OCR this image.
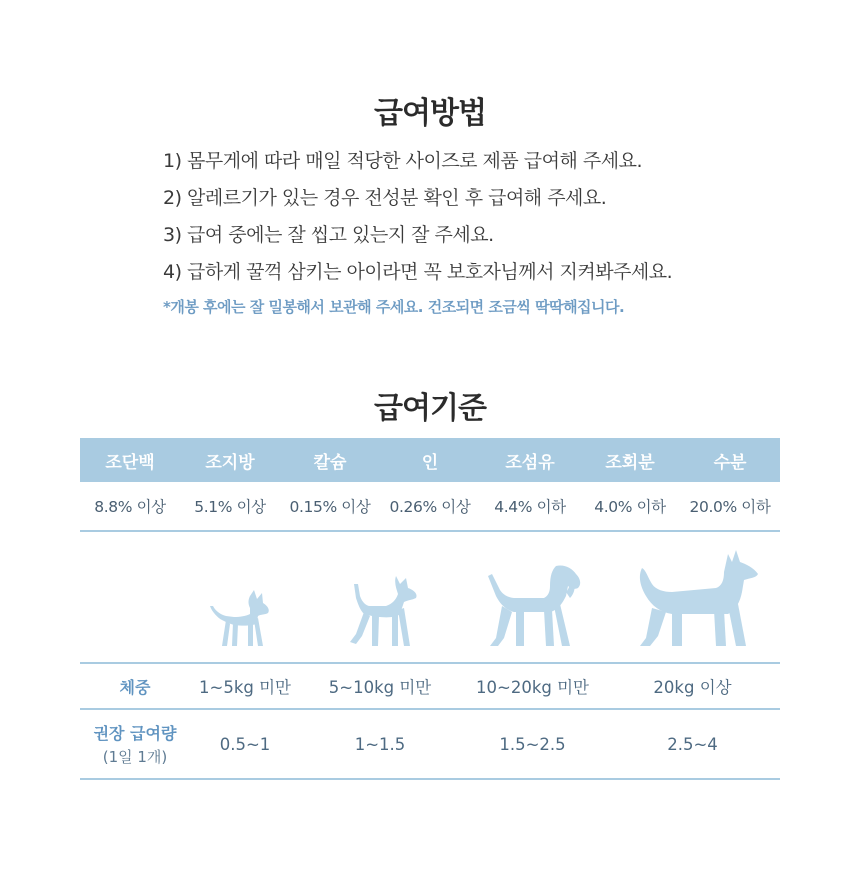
급여방법
1) 몸무게에 따라 매일 적당한 사이즈로 제품 급여해 주세요.
2) 알레르기가 있는 경우 전성분 확인 후 급여해 주세요.
3) 급여 중에는 잘 씹고 있는지 잘 주세요.
4) 급하게 꿀꺽 삼키는 아이라면 꼭 보호자님께서 지켜봐주세요.
*개봉 후에는 잘 밀봉해서 보관해 주세요. 건조되면 조금씩 딱딱해집니다.
급여기준
조단백	조지방	칼슘	인	조섬유	조회분	수분
8.8% 이상	5.1% 이상	0.15% 이상	0.26% 이상	4.4% 이하	4.0% 이하	20.0% 이하
체중	1~5kg 미만	5~10kg 미만	10~20kg 미만	20kg 이상
권장 급여량
(1일 1개)
0.5~1	1~1.5	1.5~2.5	2.5~4
